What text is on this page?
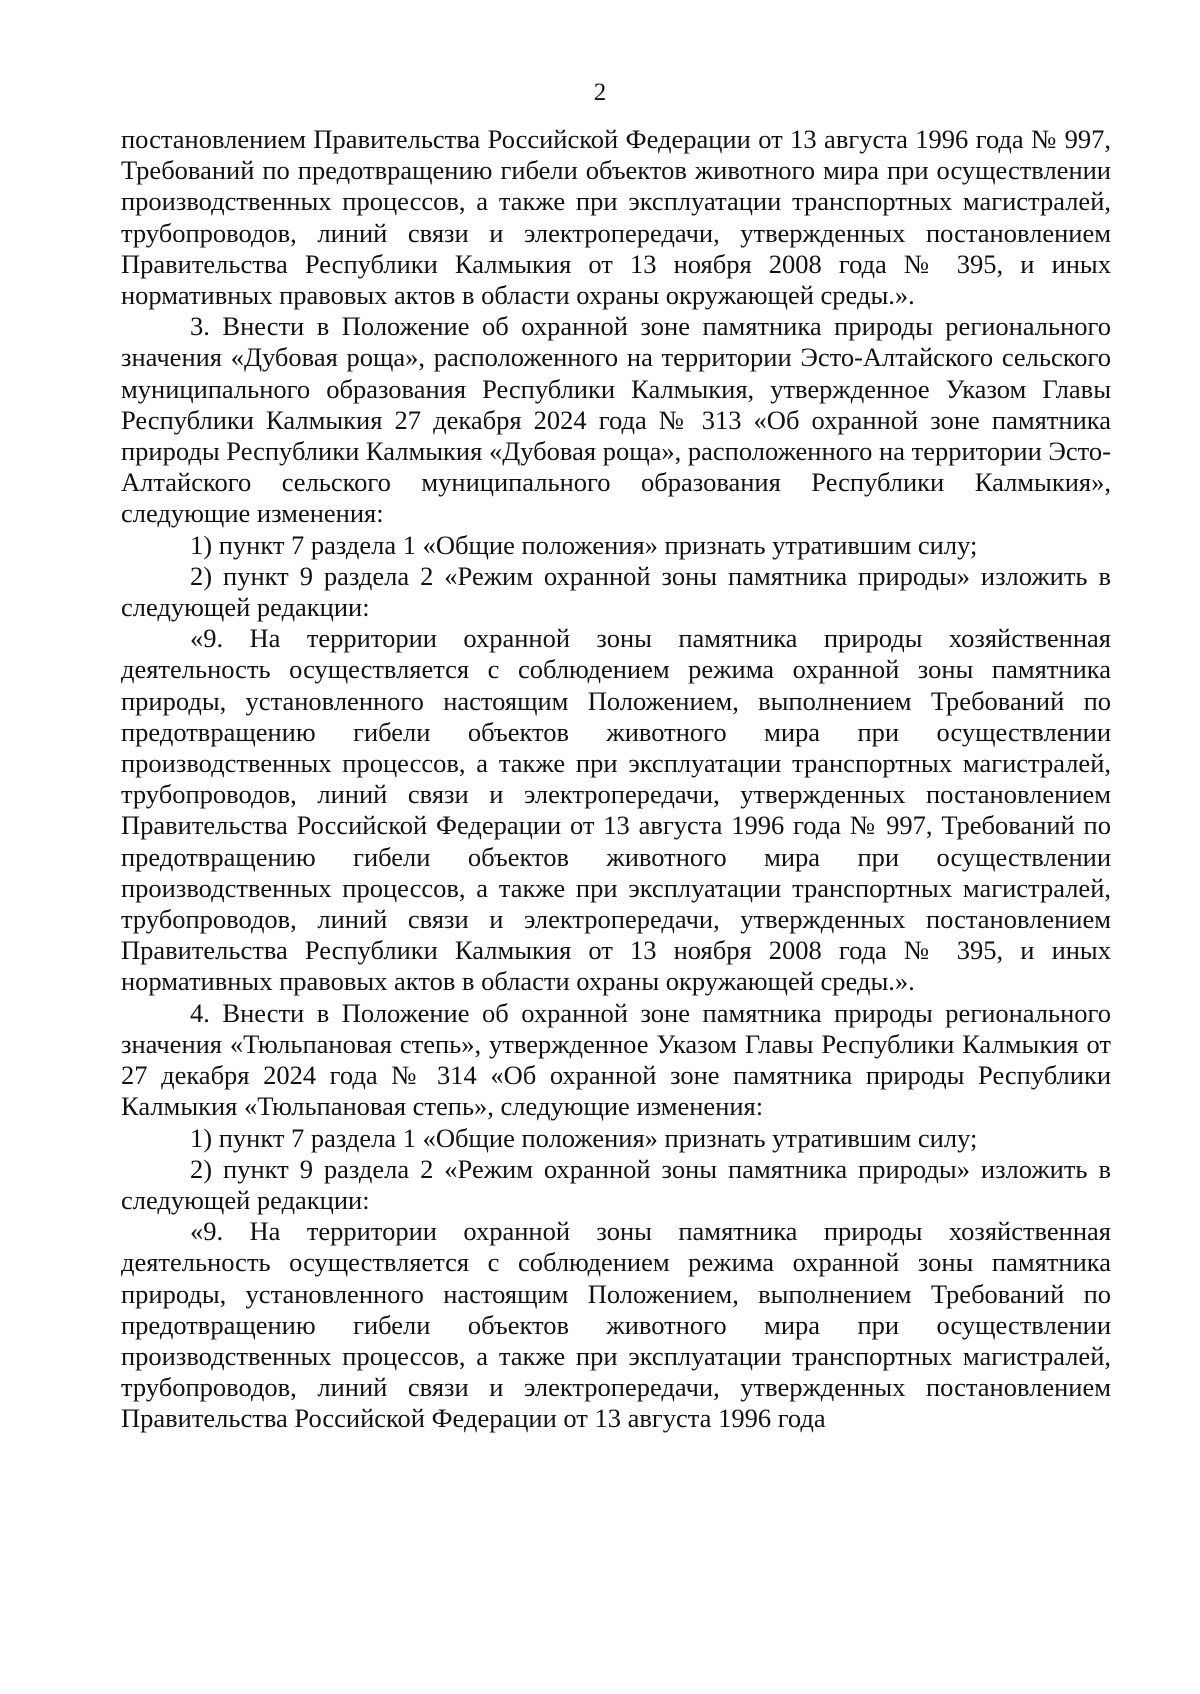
2

постановлением Правительства Российской Федерации от 13 августа 1996 года № 997, Требований по предотвращению гибели объектов животного мира при осуществлении производственных процессов, а также при эксплуатации транспортных магистралей, трубопроводов, линий связи и электропередачи, утвержденных постановлением Правительства Республики Калмыкия от 13 ноября 2008 года № 395, и иных нормативных правовых актов в области охраны окружающей среды.».

3. Внести в Положение об охранной зоне памятника природы регионального значения «Дубовая роща», расположенного на территории Эсто-Алтайского сельского муниципального образования Республики Калмыкия, утвержденное Указом Главы Республики Калмыкия 27 декабря 2024 года № 313 «Об охранной зоне памятника природы Республики Калмыкия «Дубовая роща», расположенного на территории Эсто-Алтайского сельского муниципального образования Республики Калмыкия», следующие изменения:

1) пункт 7 раздела 1 «Общие положения» признать утратившим силу;

2) пункт 9 раздела 2 «Режим охранной зоны памятника природы» изложить в следующей редакции:

«9. На территории охранной зоны памятника природы хозяйственная деятельность осуществляется с соблюдением режима охранной зоны памятника природы, установленного настоящим Положением, выполнением Требований по предотвращению гибели объектов животного мира при осуществлении производственных процессов, а также при эксплуатации транспортных магистралей, трубопроводов, линий связи и электропередачи, утвержденных постановлением Правительства Российской Федерации от 13 августа 1996 года № 997, Требований по предотвращению гибели объектов животного мира при осуществлении производственных процессов, а также при эксплуатации транспортных магистралей, трубопроводов, линий связи и электропередачи, утвержденных постановлением Правительства Республики Калмыкия от 13 ноября 2008 года № 395, и иных нормативных правовых актов в области охраны окружающей среды.».

4. Внести в Положение об охранной зоне памятника природы регионального значения «Тюльпановая степь», утвержденное Указом Главы Республики Калмыкия от 27 декабря 2024 года № 314 «Об охранной зоне памятника природы Республики Калмыкия «Тюльпановая степь», следующие изменения:

1) пункт 7 раздела 1 «Общие положения» признать утратившим силу;

2) пункт 9 раздела 2 «Режим охранной зоны памятника природы» изложить в следующей редакции:

«9. На территории охранной зоны памятника природы хозяйственная деятельность осуществляется с соблюдением режима охранной зоны памятника природы, установленного настоящим Положением, выполнением Требований по предотвращению гибели объектов животного мира при осуществлении производственных процессов, а также при эксплуатации транспортных магистралей, трубопроводов, линий связи и электропередачи, утвержденных постановлением Правительства Российской Федерации от 13 августа 1996 года
